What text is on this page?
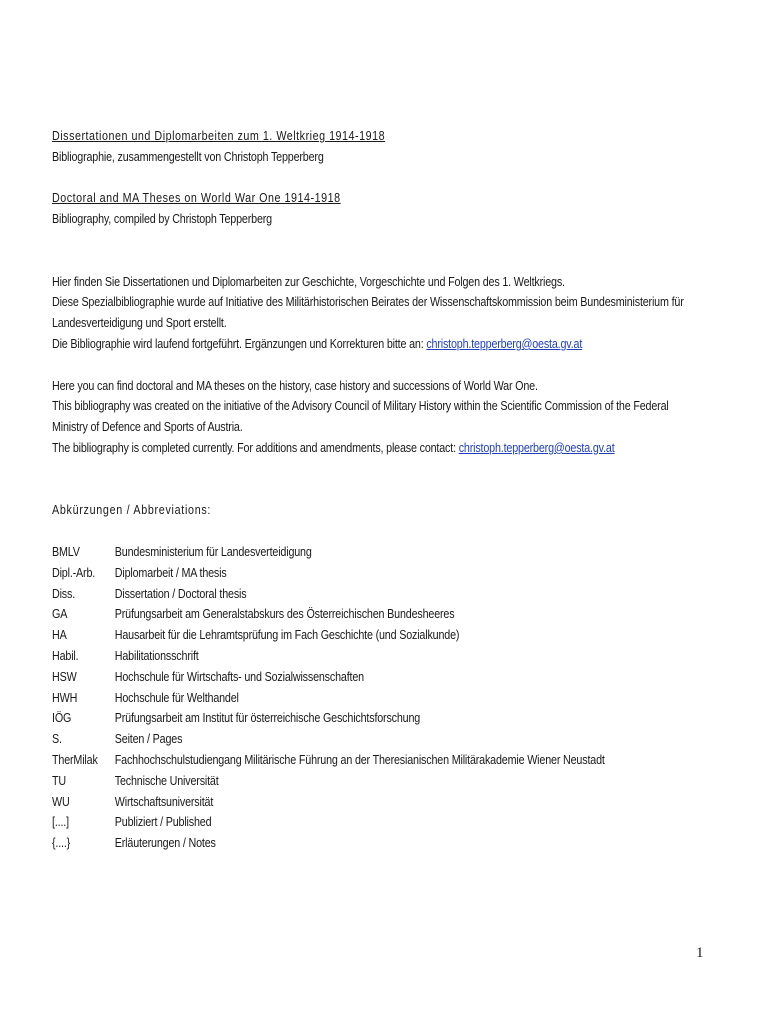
Dissertationen und Diplomarbeiten zum 1. Weltkrieg 1914-1918
Bibliographie, zusammengestellt von Christoph Tepperberg
Doctoral and MA Theses on World War One 1914-1918
Bibliography, compiled by Christoph Tepperberg
Hier finden Sie Dissertationen und Diplomarbeiten zur Geschichte, Vorgeschichte und Folgen des 1. Weltkriegs.
Diese Spezialbibliographie wurde auf Initiative des Militärhistorischen Beirates der Wissenschaftskommission beim Bundesministerium für
Landesverteidigung und Sport erstellt.
Die Bibliographie wird laufend fortgeführt. Ergänzungen und Korrekturen bitte an: christoph.tepperberg@oesta.gv.at
Here you can find doctoral and MA theses on the history, case history and successions of World War One.
This bibliography was created on the initiative of the Advisory Council of Military History within the Scientific Commission of the Federal
Ministry of Defence and Sports of Austria.
The bibliography is completed currently. For additions and amendments, please contact: christoph.tepperberg@oesta.gv.at
Abkürzungen / Abbreviations:
BMLV	Bundesministerium für Landesverteidigung
Dipl.-Arb.	Diplomarbeit / MA thesis
Diss.	Dissertation / Doctoral thesis
GA	Prüfungsarbeit am Generalstabskurs des Österreichischen Bundesheeres
HA	Hausarbeit für die Lehramtsprüfung im Fach Geschichte (und Sozialkunde)
Habil.	Habilitationsschrift
HSW	Hochschule für Wirtschafts- und Sozialwissenschaften
HWH	Hochschule für Welthandel
IÖG	Prüfungsarbeit am Institut für österreichische Geschichtsforschung
S.	Seiten / Pages
TherMilak	Fachhochschulstudiengang Militärische Führung an der Theresianischen Militärakademie Wiener Neustadt
TU	Technische Universität
WU	Wirtschaftsuniversität
[....]	Publiziert / Published
{....}	Erläuterungen / Notes
1
